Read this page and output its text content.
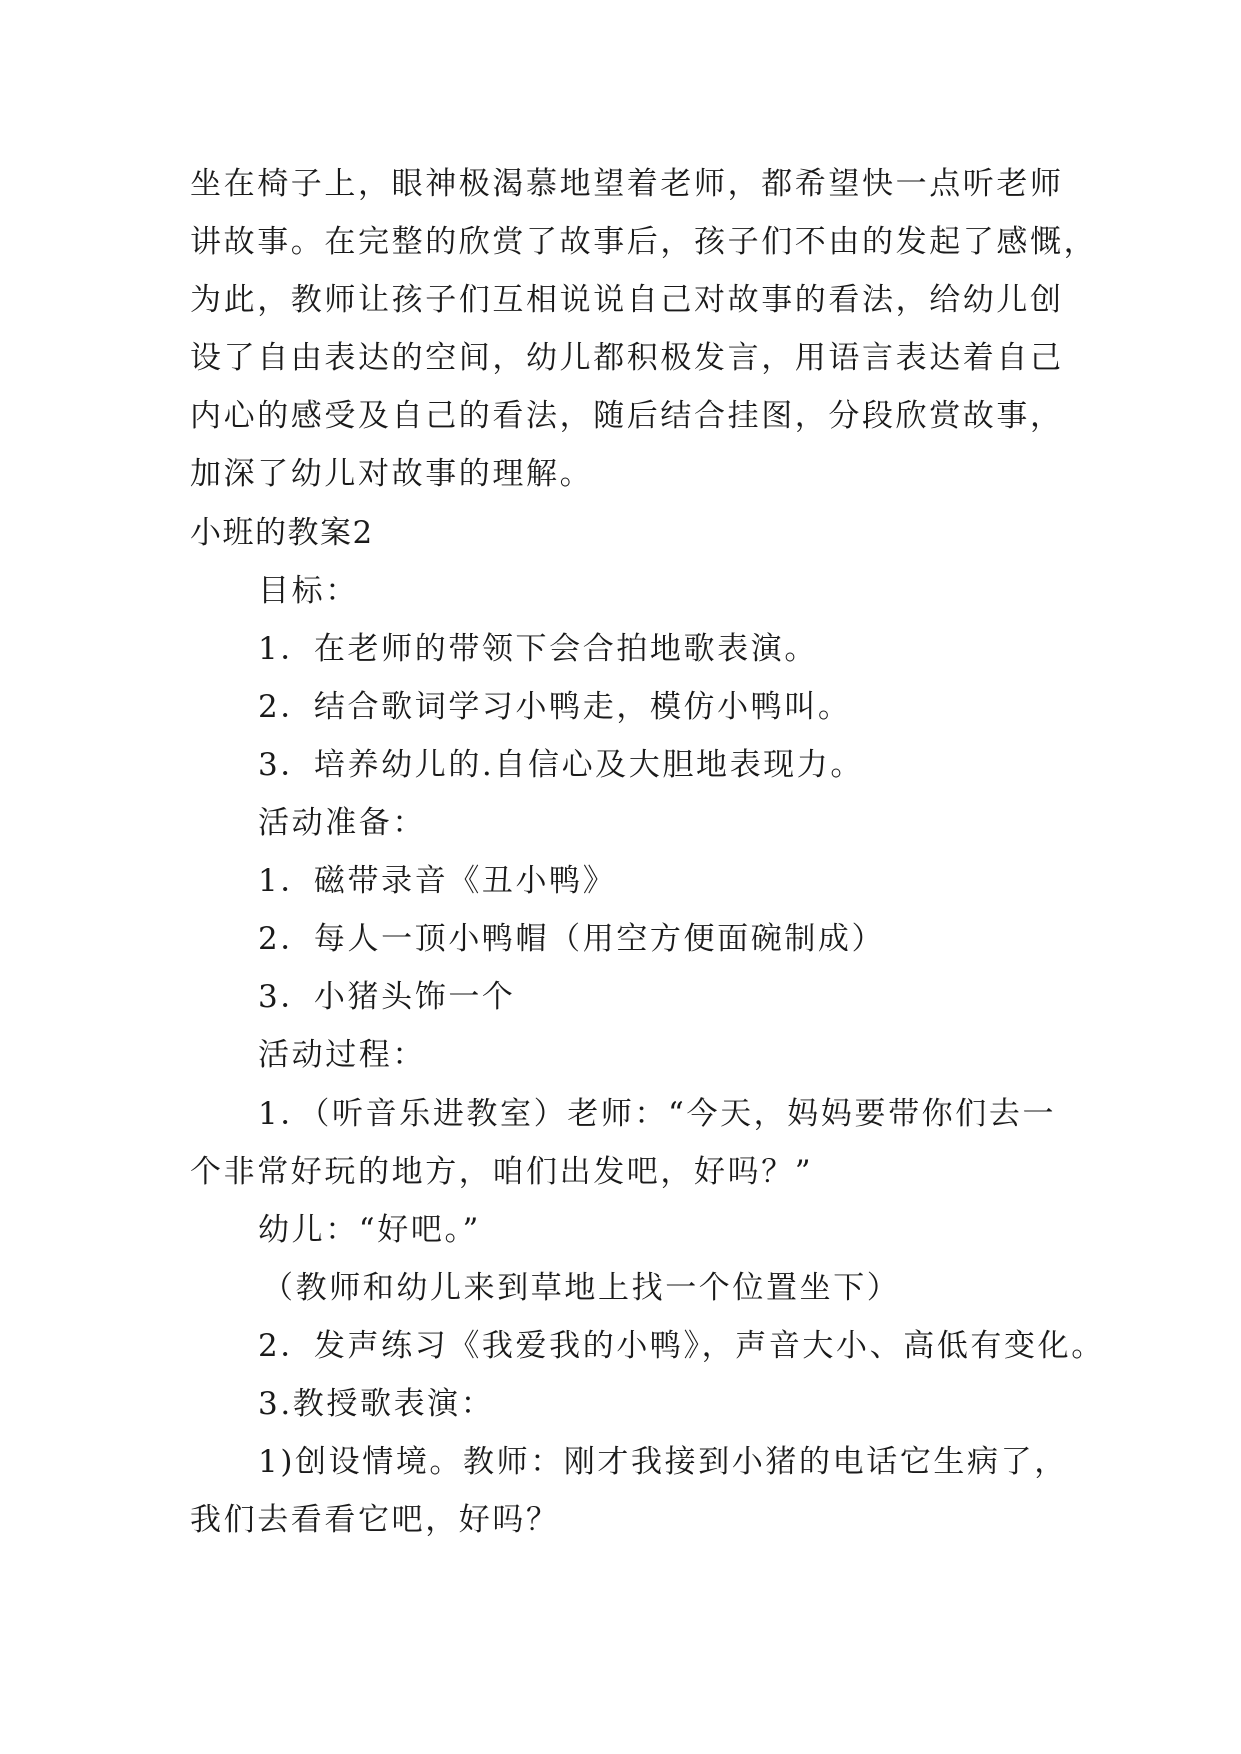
坐在椅子上，眼神极渴慕地望着老师，都希望快一点听老师
讲故事。在完整的欣赏了故事后，孩子们不由的发起了感慨，
为此，教师让孩子们互相说说自己对故事的看法，给幼儿创
设了自由表达的空间，幼儿都积极发言，用语言表达着自己
内心的感受及自己的看法，随后结合挂图，分段欣赏故事，
加深了幼儿对故事的理解。
小班的教案2
目标：
1．在老师的带领下会合拍地歌表演。
2．结合歌词学习小鸭走，模仿小鸭叫。
3．培养幼儿的.自信心及大胆地表现力。
活动准备：
1．磁带录音《丑小鸭》
2．每人一顶小鸭帽（用空方便面碗制成）
3．小猪头饰一个
活动过程：
1．（听音乐进教室）老师：“今天，妈妈要带你们去一
个非常好玩的地方，咱们出发吧，好吗？”
幼儿：“好吧。”
（教师和幼儿来到草地上找一个位置坐下）
2．发声练习《我爱我的小鸭》，声音大小、高低有变化。
3.教授歌表演：
1)创设情境。教师：刚才我接到小猪的电话它生病了，
我们去看看它吧，好吗？
